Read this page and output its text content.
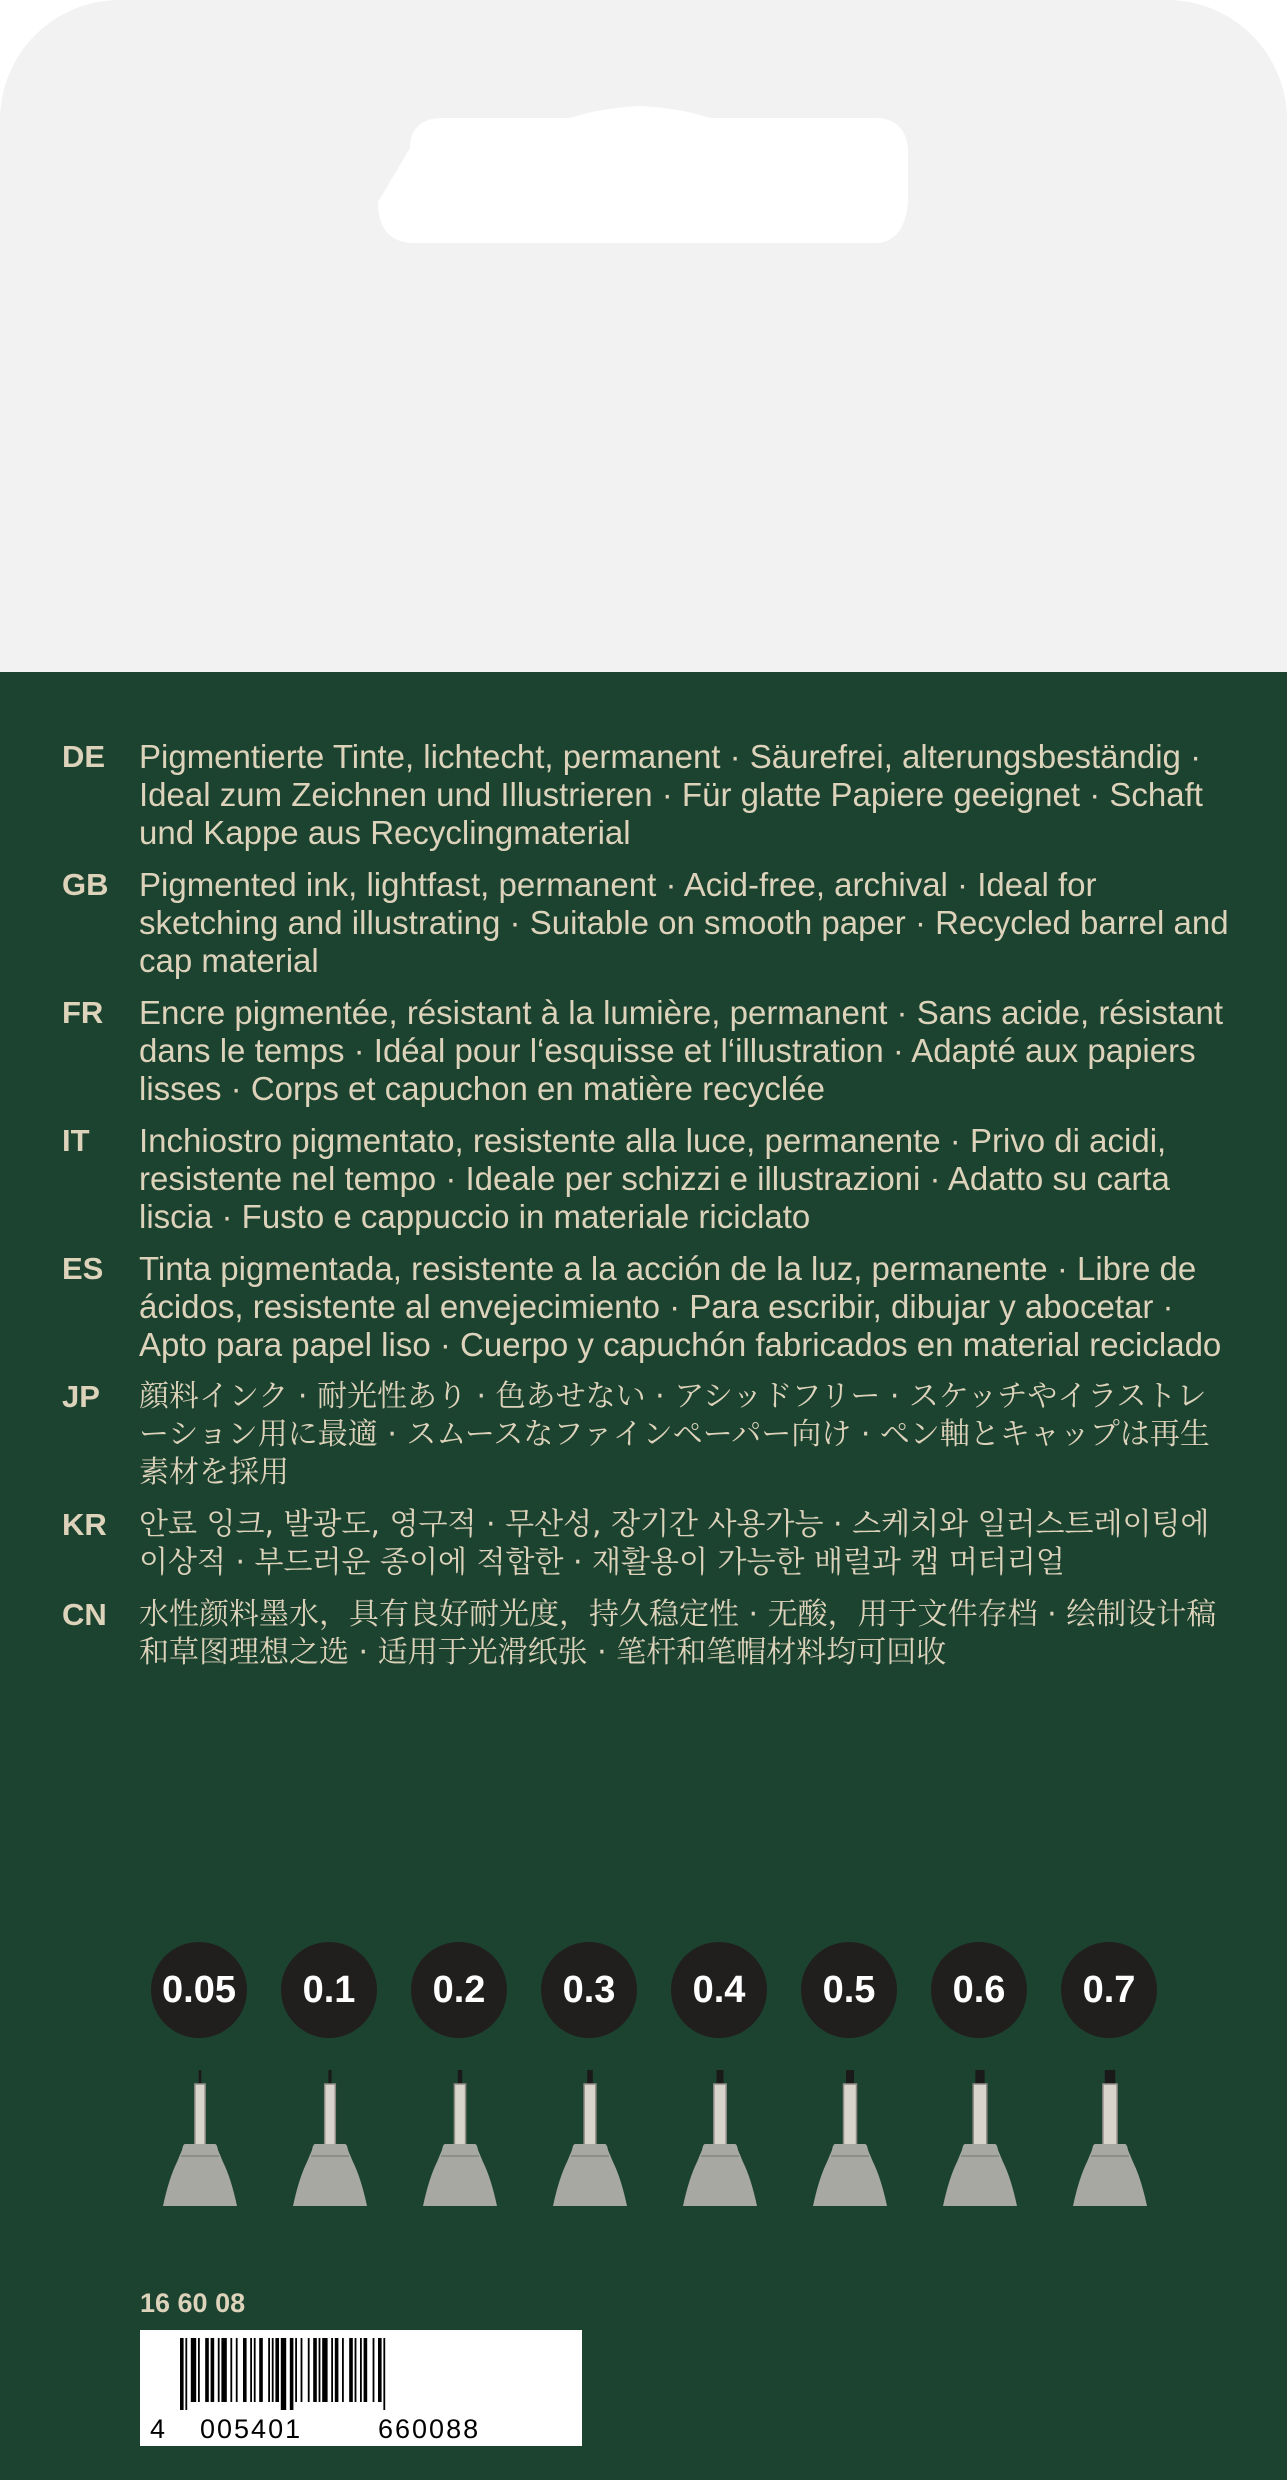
DE	Pigmentierte Tinte, lichtecht, permanent · Säurefrei, alterungsbeständig · Ideal zum Zeichnen und Illustrieren · Für glatte Papiere geeignet · Schaft und Kappe aus Recyclingmaterial
GB Pigmented ink, lightfast, permanent · Acid-free, archival · Ideal for sketching and illustrating · Suitable on smooth paper · Recycled barrel and cap material
FR	Encre pigmentée, résistant à la lumière, permanent · Sans acide, résistant dans le temps · Idéal pour l‘esquisse et l‘illustration · Adapté aux papiers lisses · Corps et capuchon en matière recyclée
IT	Inchiostro pigmentato, resistente alla luce, permanente · Privo di acidi, resistente nel tempo · Ideale per schizzi e illustrazioni · Adatto su carta liscia · Fusto e cappuccio in materiale riciclato
ES	Tinta pigmentada, resistente a la acción de la luz, permanente · Libre de ácidos, resistente al envejecimiento · Para escribir, dibujar y abocetar · Apto para papel liso · Cuerpo y capuchón fabricados en material reciclado
JP	顔料インク · 耐光性あり · 色あせない · アシッドフリー · スケッチやイラストレーション用に最適 · スムースなファインペーパー向け · ペン軸とキャップは再生素材を採用
KR	안료 잉크, 발광도, 영구적 · 무산성, 장기간 사용가능 · 스케치와 일러스트레이팅에 이상적 · 부드러운 종이에 적합한 · 재활용이 가능한 배럴과 캡 머터리얼
CN	水性颜料墨水，具有良好耐光度，持久稳定性 · 无酸，用于文件存档 · 绘制设计稿和草图理想之选 · 适用于光滑纸张 · 笔杆和笔帽材料均可回收
0.05	0.1	0.2	0.3	0.4	0.5	0.6	0.7
16 60 08
4 005401	660088
